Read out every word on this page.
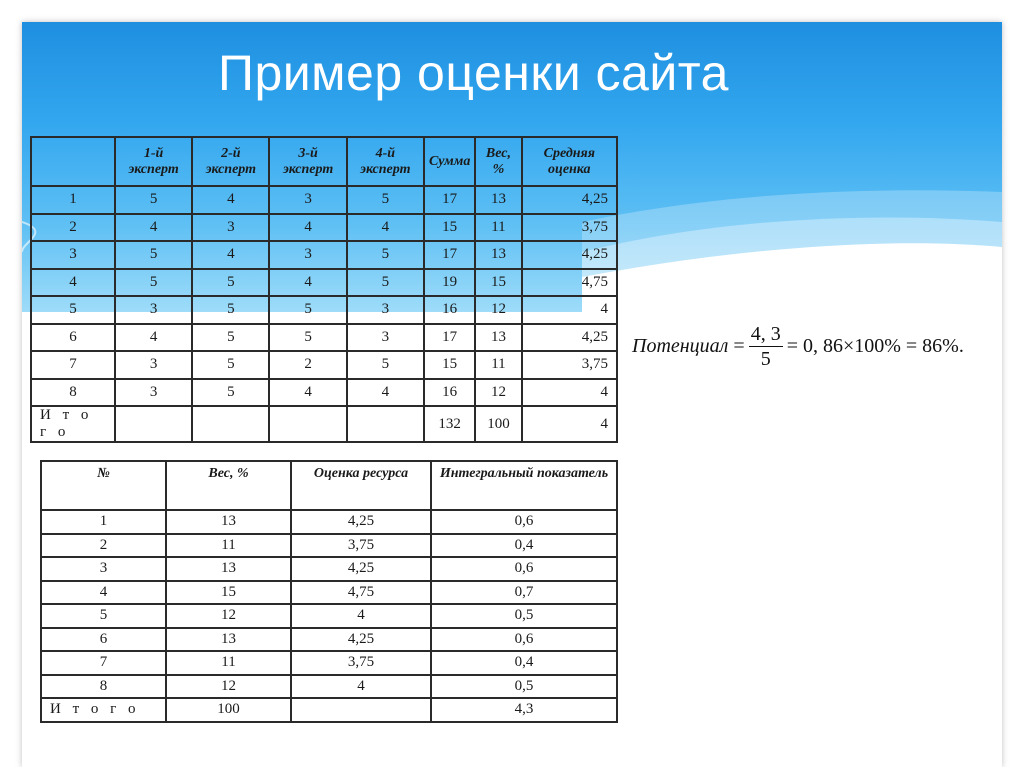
Пример оценки сайта
	1-й эксперт	2-й эксперт	3-й эксперт	4-й эксперт	Сумма	Вес, %	Средняя оценка
1	5	4	3	5	17	13	4,25
2	4	3	4	4	15	11	3,75
3	5	4	3	5	17	13	4,25
4	5	5	4	5	19	15	4,75
5	3	5	5	3	16	12	4
6	4	5	5	3	17	13	4,25
7	3	5	2	5	15	11	3,75
8	3	5	4	4	16	12	4
И т о г о					132	100	4
№	Вес, %	Оценка ресурса	Интегральный показатель
1	13	4,25	0,6
2	11	3,75	0,4
3	13	4,25	0,6
4	15	4,75	0,7
5	12	4	0,5
6	13	4,25	0,6
7	11	3,75	0,4
8	12	4	0,5
И т о г о	100		4,3
Потенциал = $\frac{4, 3}{5} = 0$, 86×100% = 86%.
